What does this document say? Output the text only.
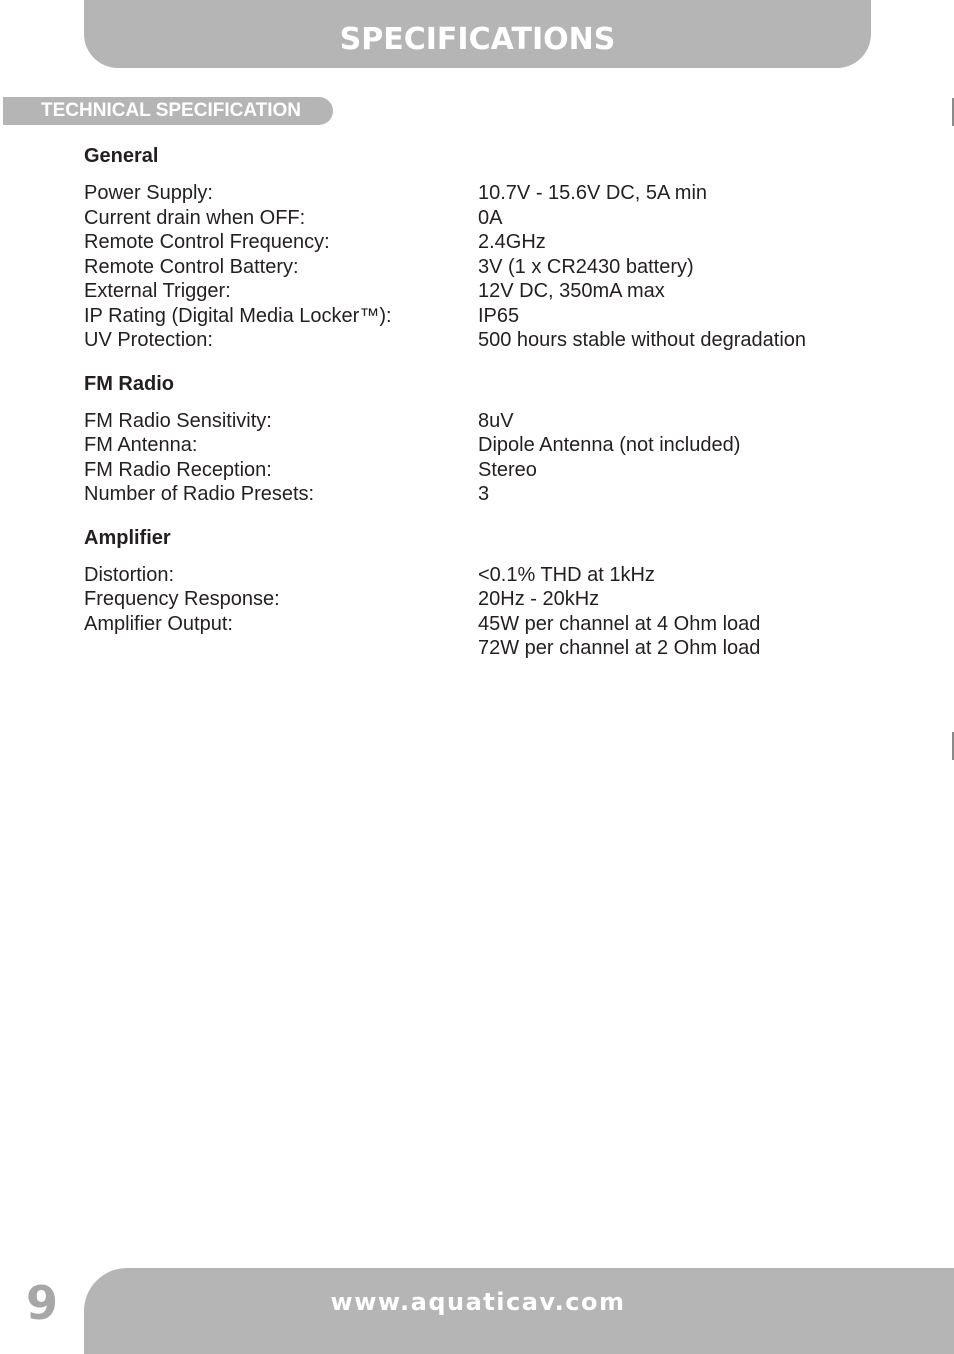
SPECIFICATIONS
TECHNICAL SPECIFICATION
General
Power Supply:	10.7V - 15.6V DC, 5A min
Current drain when OFF:	0A
Remote Control Frequency:	2.4GHz
Remote Control Battery:	3V (1 x CR2430 battery)
External Trigger:	12V DC, 350mA max
IP Rating (Digital Media Locker™):	IP65
UV Protection:	500 hours stable without degradation
FM Radio
FM Radio Sensitivity:	8uV
FM Antenna:	Dipole Antenna (not included)
FM Radio Reception:	Stereo
Number of Radio Presets:	3
Amplifier
Distortion:	<0.1% THD at 1kHz
Frequency Response:	20Hz - 20kHz
Amplifier Output:	45W per channel at 4 Ohm load
72W per channel at 2 Ohm load
9	www.aquaticav.com
